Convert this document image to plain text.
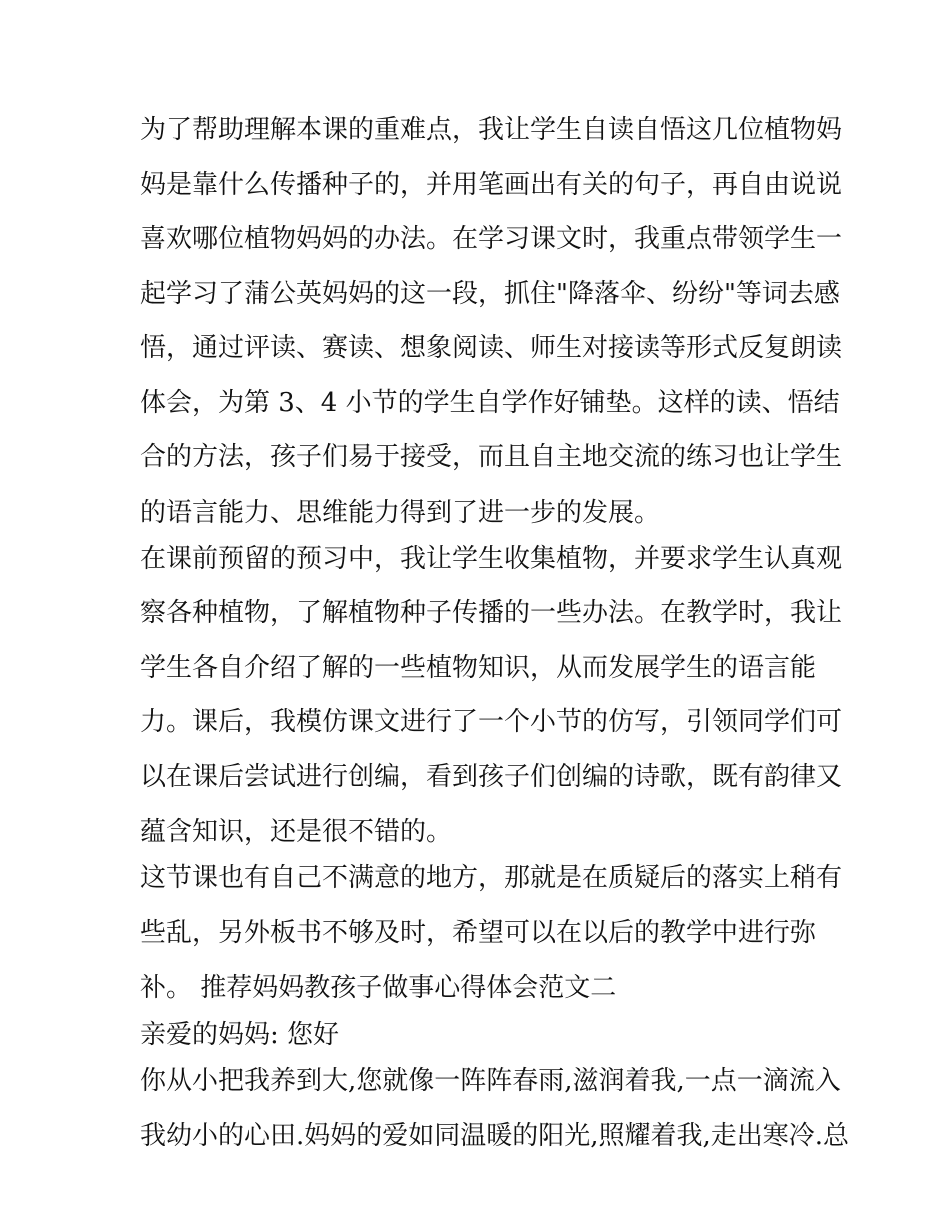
为了帮助理解本课的重难点，我让学生自读自悟这几位植物妈
妈是靠什么传播种子的，并用笔画出有关的句子，再自由说说
喜欢哪位植物妈妈的办法。在学习课文时，我重点带领学生一
起学习了蒲公英妈妈的这一段，抓住"降落伞、纷纷"等词去感
悟，通过评读、赛读、想象阅读、师生对接读等形式反复朗读
体会，为第 3、4 小节的学生自学作好铺垫。这样的读、悟结
合的方法，孩子们易于接受，而且自主地交流的练习也让学生
的语言能力、思维能力得到了进一步的发展。
在课前预留的预习中，我让学生收集植物，并要求学生认真观
察各种植物，了解植物种子传播的一些办法。在教学时，我让
学生各自介绍了解的一些植物知识，从而发展学生的语言能
力。课后，我模仿课文进行了一个小节的仿写，引领同学们可
以在课后尝试进行创编，看到孩子们创编的诗歌，既有韵律又
蕴含知识，还是很不错的。
这节课也有自己不满意的地方，那就是在质疑后的落实上稍有
些乱，另外板书不够及时，希望可以在以后的教学中进行弥
补。 推荐妈妈教孩子做事心得体会范文二
亲爱的妈妈: 您好
你从小把我养到大,您就像一阵阵春雨,滋润着我,一点一滴流入
我幼小的心田.妈妈的爱如同温暖的阳光,照耀着我,走出寒冷.总
